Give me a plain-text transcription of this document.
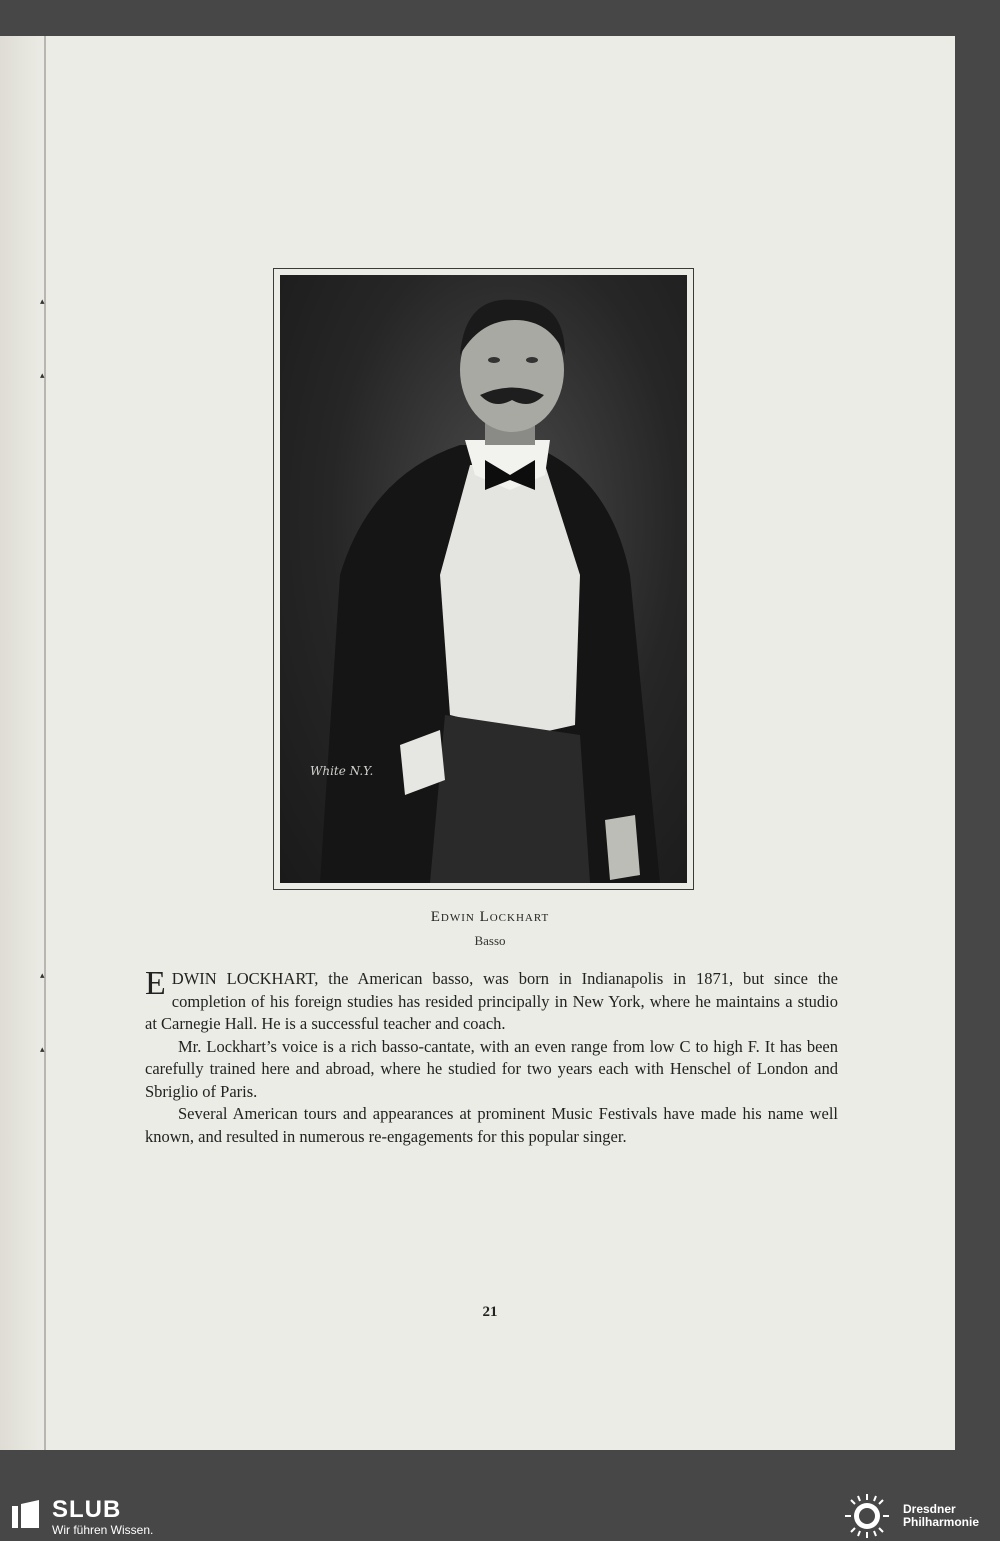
▴
▴
▴
▴
White N.Y.
Edwin Lockhart
Basso

EDWIN LOCKHART, the American basso, was born in Indianapolis in 1871, but since the completion of his foreign studies has resided principally in New York, where he maintains a studio at Carnegie Hall. He is a successful teacher and coach.

Mr. Lockhart’s voice is a rich basso-cantate, with an even range from low C to high F. It has been carefully trained here and abroad, where he studied for two years each with Henschel of London and Sbriglio of Paris.

Several American tours and appearances at prominent Music Festivals have made his name well known, and resulted in numerous re-engagements for this popular singer.

21
SLUB
Wir führen Wissen.
Dresdner
Philharmonie
